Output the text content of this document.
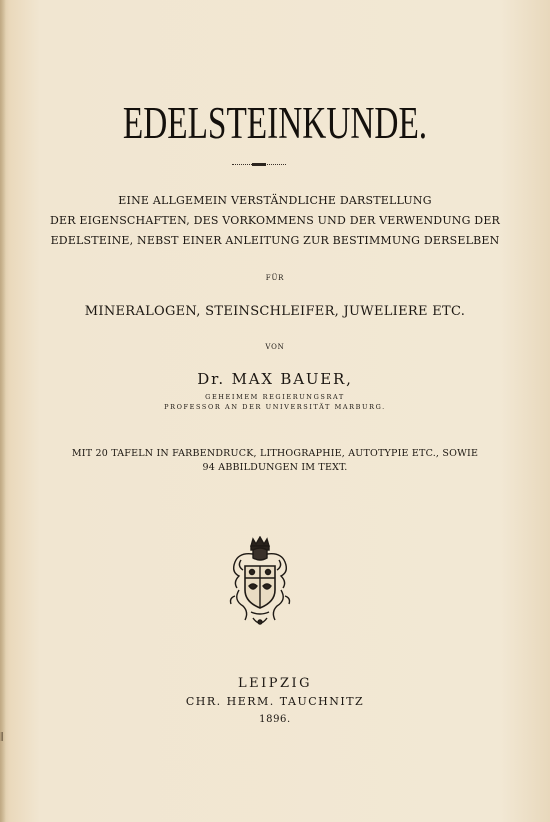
EDELSTEINKUNDE.
EINE ALLGEMEIN VERSTÄNDLICHE DARSTELLUNG
DER EIGENSCHAFTEN, DES VORKOMMENS UND DER VERWENDUNG DER
EDELSTEINE, NEBST EINER ANLEITUNG ZUR BESTIMMUNG DERSELBEN
FÜR
MINERALOGEN, STEINSCHLEIFER, JUWELIERE ETC.
VON
Dr. MAX BAUER,
GEHEIMEM REGIERUNGSRAT
PROFESSOR AN DER UNIVERSITÄT MARBURG.
MIT 20 TAFELN IN FARBENDRUCK, LITHOGRAPHIE, AUTOTYPIE ETC., SOWIE
94 ABBILDUNGEN IM TEXT.
LEIPZIG
CHR. HERM. TAUCHNITZ
1896.
